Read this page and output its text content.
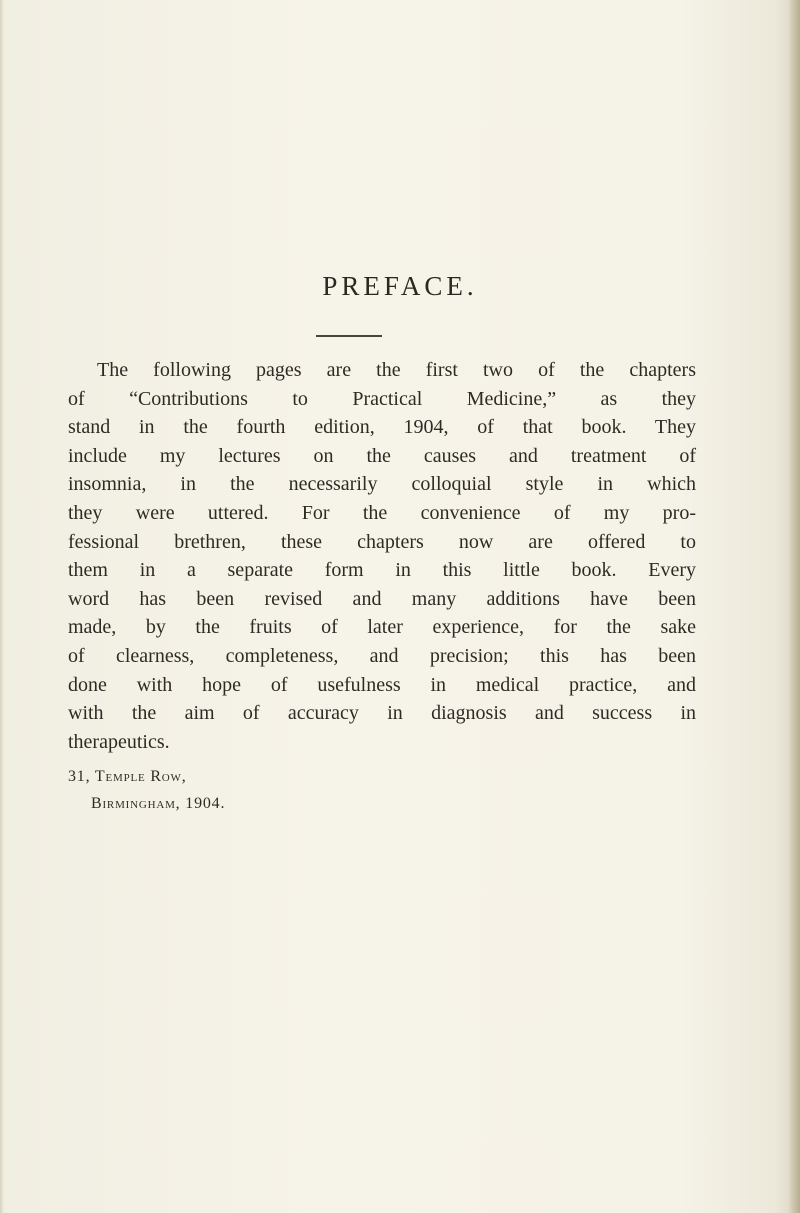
PREFACE.
The following pages are the first two of the chapters
of “Contributions to Practical Medicine,” as they
stand in the fourth edition, 1904, of that book. They
include my lectures on the causes and treatment of
insomnia, in the necessarily colloquial style in which
they were uttered. For the convenience of my pro-
fessional brethren, these chapters now are offered to
them in a separate form in this little book. Every
word has been revised and many additions have been
made, by the fruits of later experience, for the sake
of clearness, completeness, and precision; this has been
done with hope of usefulness in medical practice, and
with the aim of accuracy in diagnosis and success in
therapeutics.
31, Temple Row,
Birmingham, 1904.
